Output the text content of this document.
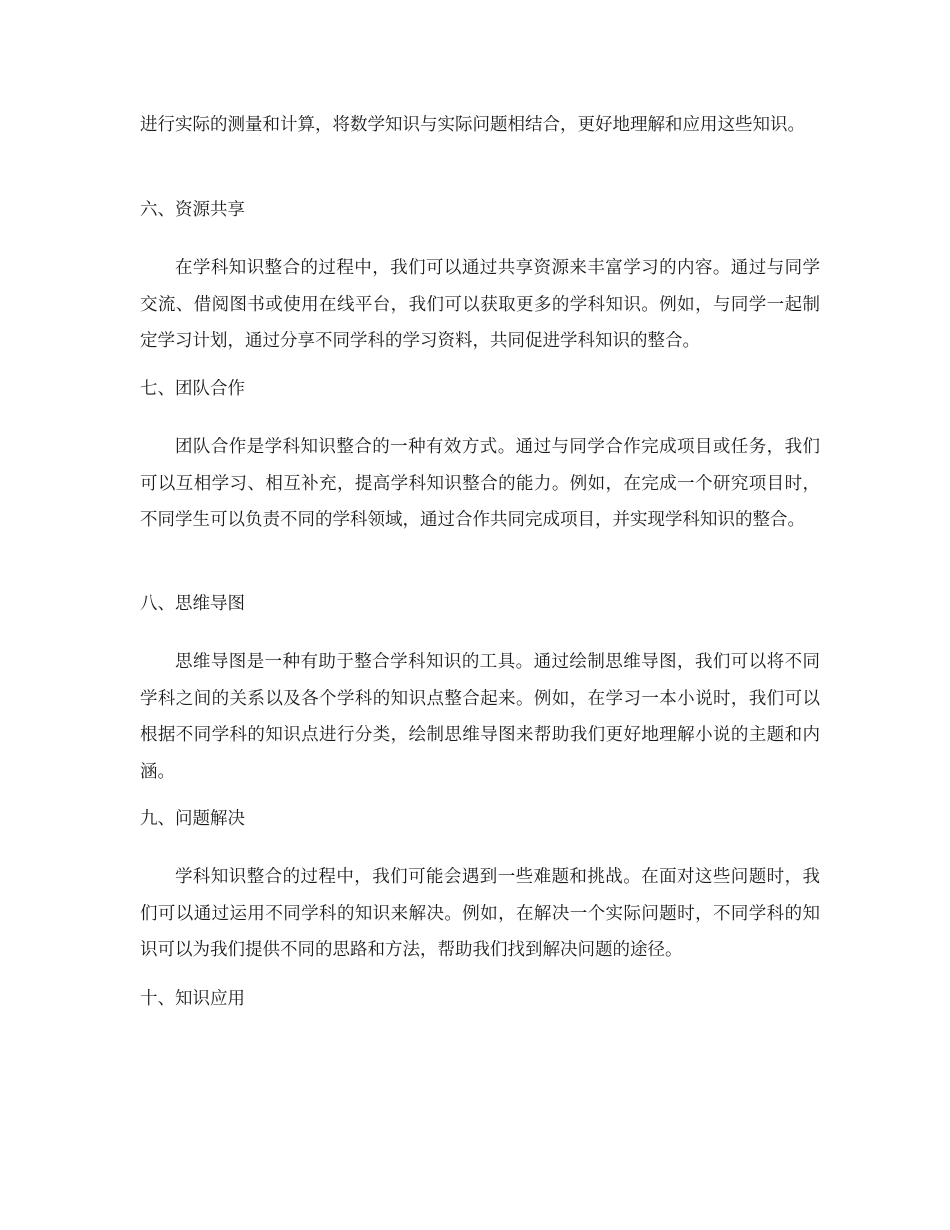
进行实际的测量和计算，将数学知识与实际问题相结合，更好地理解和应用这些知识。
六、资源共享
在学科知识整合的过程中，我们可以通过共享资源来丰富学习的内容。通过与同学交流、借阅图书或使用在线平台，我们可以获取更多的学科知识。例如，与同学一起制定学习计划，通过分享不同学科的学习资料，共同促进学科知识的整合。
七、团队合作
团队合作是学科知识整合的一种有效方式。通过与同学合作完成项目或任务，我们可以互相学习、相互补充，提高学科知识整合的能力。例如，在完成一个研究项目时，不同学生可以负责不同的学科领域，通过合作共同完成项目，并实现学科知识的整合。
八、思维导图
思维导图是一种有助于整合学科知识的工具。通过绘制思维导图，我们可以将不同学科之间的关系以及各个学科的知识点整合起来。例如，在学习一本小说时，我们可以根据不同学科的知识点进行分类，绘制思维导图来帮助我们更好地理解小说的主题和内涵。
九、问题解决
学科知识整合的过程中，我们可能会遇到一些难题和挑战。在面对这些问题时，我们可以通过运用不同学科的知识来解决。例如，在解决一个实际问题时，不同学科的知识可以为我们提供不同的思路和方法，帮助我们找到解决问题的途径。
十、知识应用
